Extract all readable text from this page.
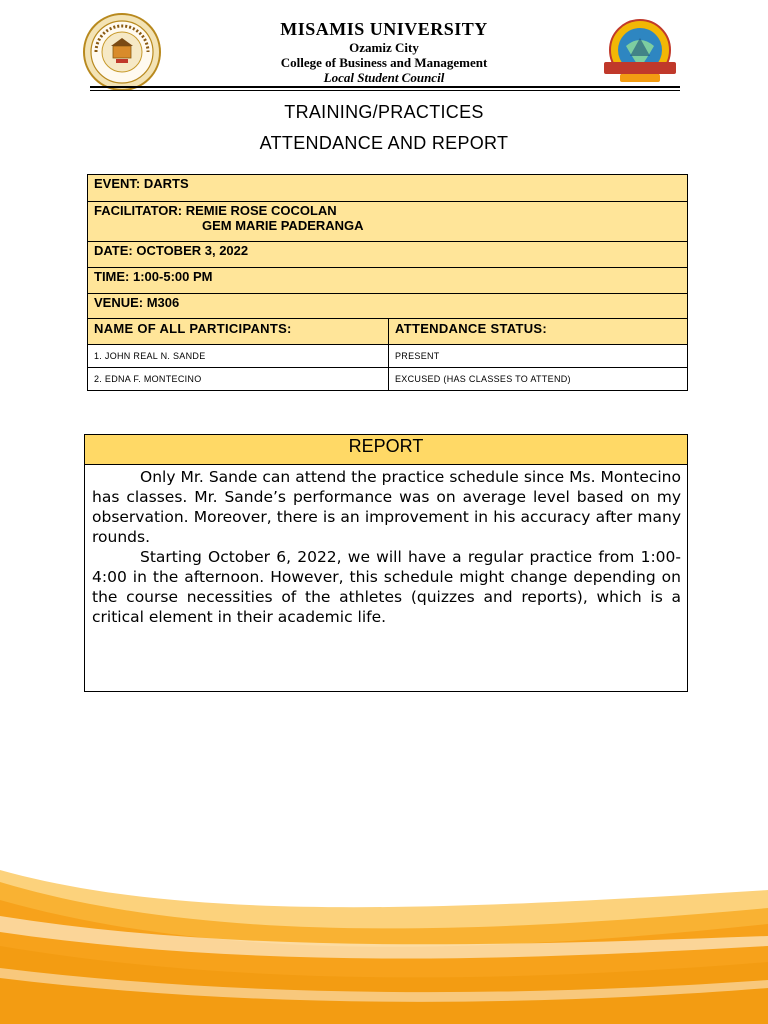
MISAMIS UNIVERSITY
Ozamiz City
College of Business and Management
Local Student Council
TRAINING/PRACTICES
ATTENDANCE AND REPORT
EVENT: DARTS	
FACILITATOR: REMIE ROSE COCOLAN
GEM MARIE PADERANGA	

DATE: OCTOBER 3, 2022	
TIME: 1:00-5:00 PM	
VENUE: M306	
NAME OF ALL PARTICIPANTS:	ATTENDANCE STATUS:
1. JOHN REAL N. SANDE	PRESENT
2. EDNA F. MONTECINO	EXCUSED (HAS CLASSES TO ATTEND)
REPORT

Only Mr. Sande can attend the practice schedule since Ms. Montecino has classes. Mr. Sande’s performance was on average level based on my observation. Moreover, there is an improvement in his accuracy after many rounds.

Starting October 6, 2022, we will have a regular practice from 1:00-4:00 in the afternoon. However, this schedule might change depending on the course necessities of the athletes (quizzes and reports), which is a critical element in their academic life.
